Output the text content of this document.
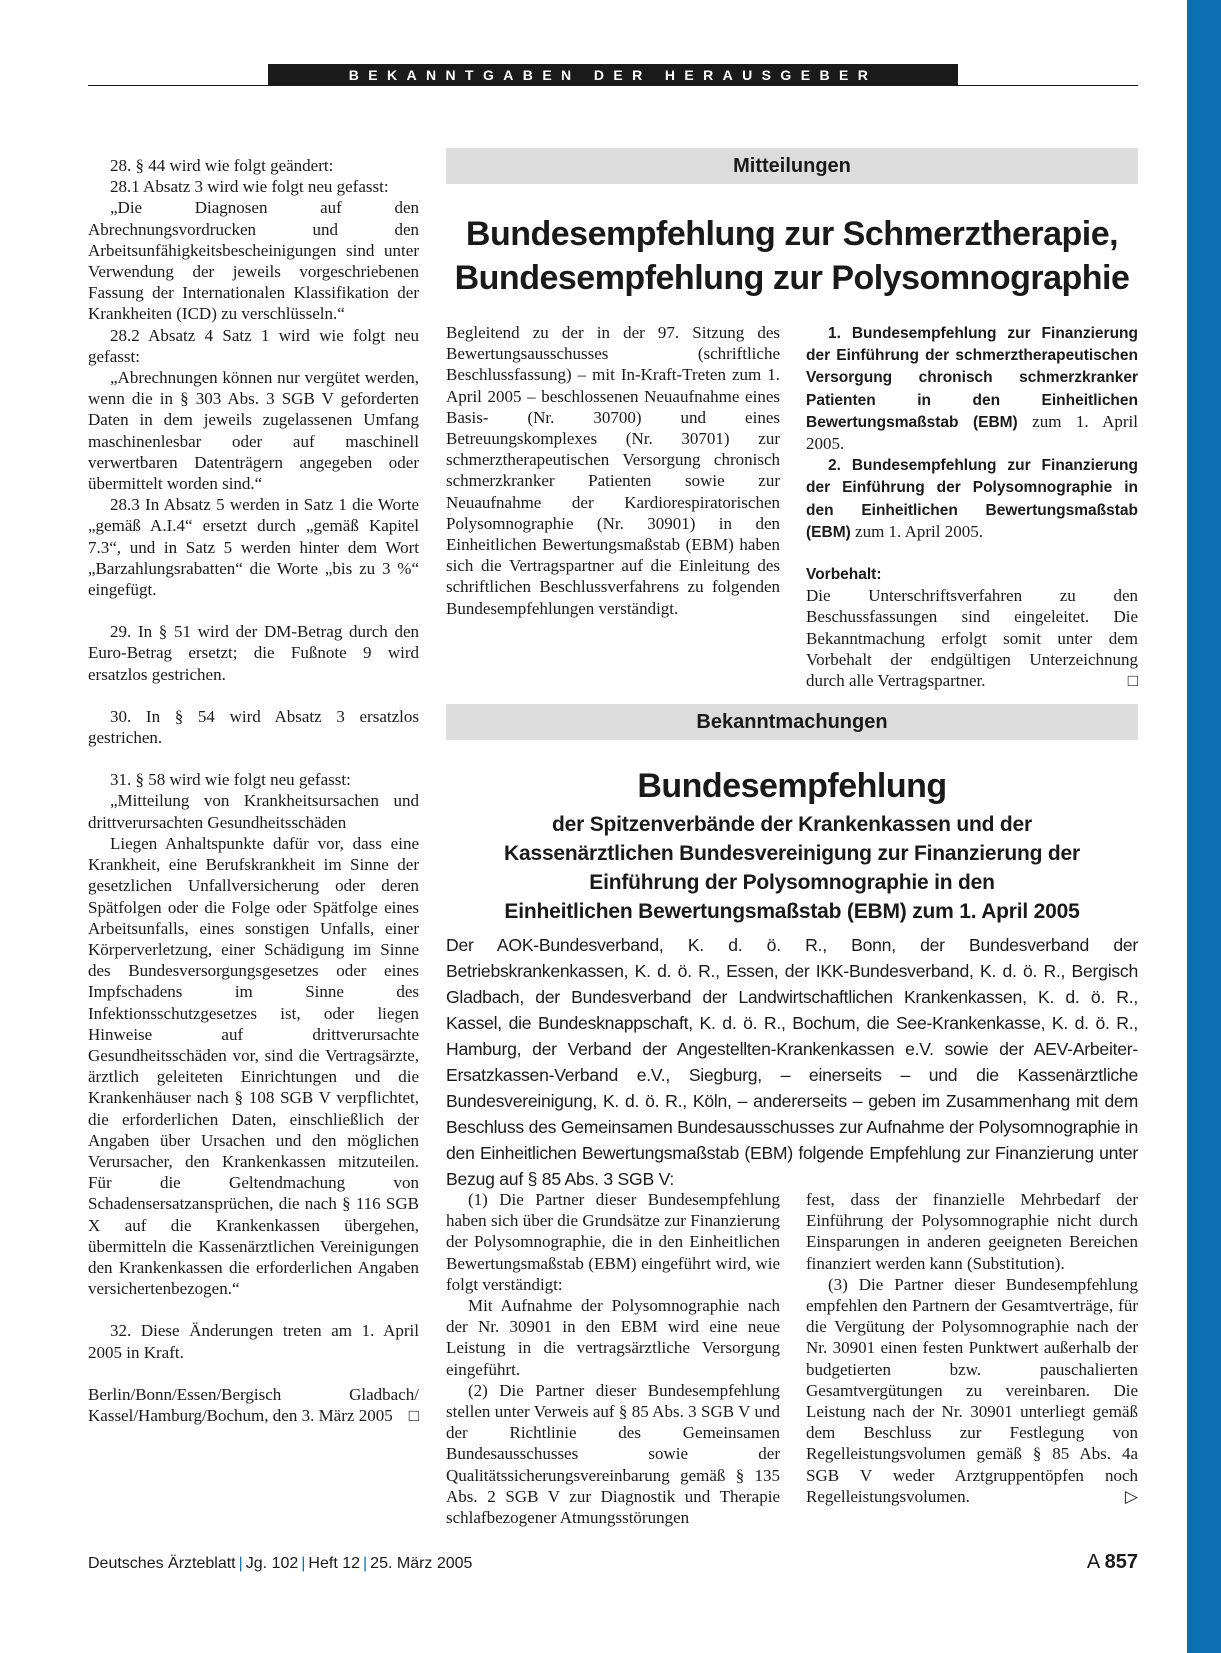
BEKANNTGABEN DER HERAUSGEBER

28. § 44 wird wie folgt geändert:

28.1 Absatz 3 wird wie folgt neu gefasst:

„Die Diagnosen auf den Abrechnungsvordrucken und den Arbeitsunfähigkeitsbescheinigungen sind unter Verwendung der jeweils vorgeschriebenen Fassung der Internationalen Klassifikation der Krankheiten (ICD) zu verschlüsseln.“

28.2 Absatz 4 Satz 1 wird wie folgt neu gefasst:

„Abrechnungen können nur vergütet werden, wenn die in § 303 Abs. 3 SGB V geforderten Daten in dem jeweils zugelassenen Umfang maschinenlesbar oder auf maschinell verwertbaren Datenträgern angegeben oder übermittelt worden sind.“

28.3 In Absatz 5 werden in Satz 1 die Worte „gemäß A.I.4“ ersetzt durch „gemäß Kapitel 7.3“, und in Satz 5 werden hinter dem Wort „Barzahlungsrabatten“ die Worte „bis zu 3 %“ eingefügt.

29. In § 51 wird der DM-Betrag durch den Euro-Betrag ersetzt; die Fußnote 9 wird ersatzlos gestrichen.

30. In § 54 wird Absatz 3 ersatzlos gestrichen.

31. § 58 wird wie folgt neu gefasst:

„Mitteilung von Krankheitsursachen und drittverursachten Gesundheitsschäden

Liegen Anhaltspunkte dafür vor, dass eine Krankheit, eine Berufskrankheit im Sinne der gesetzlichen Unfallversicherung oder deren Spätfolgen oder die Folge oder Spätfolge eines Arbeitsunfalls, eines sonstigen Unfalls, einer Körperverletzung, einer Schädigung im Sinne des Bundesversorgungsgesetzes oder eines Impfschadens im Sinne des Infektionsschutzgesetzes ist, oder liegen Hinweise auf drittverursachte Gesundheitsschäden vor, sind die Vertragsärzte, ärztlich geleiteten Einrichtungen und die Krankenhäuser nach § 108 SGB V verpflichtet, die erforderlichen Daten, einschließlich der Angaben über Ursachen und den möglichen Verursacher, den Krankenkassen mitzuteilen. Für die Geltendmachung von Schadensersatzansprüchen, die nach § 116 SGB X auf die Krankenkassen übergehen, übermitteln die Kassenärztlichen Vereinigungen den Krankenkassen die erforderlichen Angaben versichertenbezogen.“

32. Diese Änderungen treten am 1. April 2005 in Kraft.

Berlin/Bonn/Essen/Bergisch Gladbach/ Kassel/Hamburg/Bochum, den 3. März 2005 □

Mitteilungen
Bundesempfehlung zur Schmerztherapie,
Bundesempfehlung zur Polysomnographie

Begleitend zu der in der 97. Sitzung des Bewertungsausschusses (schriftliche Beschlussfassung) – mit In-Kraft-Treten zum 1. April 2005 – beschlossenen Neuaufnahme eines Basis- (Nr. 30700) und eines Betreuungskomplexes (Nr. 30701) zur schmerztherapeutischen Versorgung chronisch schmerzkranker Patienten sowie zur Neuaufnahme der Kardiorespiratorischen Polysomnographie (Nr. 30901) in den Einheitlichen Bewertungsmaßstab (EBM) haben sich die Vertragspartner auf die Einleitung des schriftlichen Beschlussverfahrens zu folgenden Bundesempfehlungen verständigt.

1. Bundesempfehlung zur Finanzierung der Einführung der schmerztherapeutischen Versorgung chronisch schmerzkranker Patienten in den Einheitlichen Bewertungsmaßstab (EBM) zum 1. April 2005.

2. Bundesempfehlung zur Finanzierung der Einführung der Polysomnographie in den Einheitlichen Bewertungsmaßstab (EBM) zum 1. April 2005.

Vorbehalt:

Die Unterschriftsverfahren zu den Beschussfassungen sind eingeleitet. Die Bekanntmachung erfolgt somit unter dem Vorbehalt der endgültigen Unterzeichnung durch alle Vertragspartner.	□

Bekanntmachungen
Bundesempfehlung
der Spitzenverbände der Krankenkassen und der
Kassenärztlichen Bundesvereinigung zur Finanzierung der
Einführung der Polysomnographie in den
Einheitlichen Bewertungsmaßstab (EBM) zum 1. April 2005
Der AOK-Bundesverband, K. d. ö. R., Bonn, der Bundesverband der Betriebskrankenkassen, K. d. ö. R., Essen, der IKK-Bundesverband, K. d. ö. R., Bergisch Gladbach, der Bundesverband der Landwirtschaftlichen Krankenkassen, K. d. ö. R., Kassel, die Bundesknappschaft, K. d. ö. R., Bochum, die See-Krankenkasse, K. d. ö. R., Hamburg, der Verband der Angestellten-Krankenkassen e.V. sowie der AEV-Arbeiter-Ersatzkassen-Verband e.V., Siegburg, – einerseits – und die Kassenärztliche Bundesvereinigung, K. d. ö. R., Köln, – andererseits – geben im Zusammenhang mit dem Beschluss des Gemeinsamen Bundesausschusses zur Aufnahme der Polysomnographie in den Einheitlichen Bewertungsmaßstab (EBM) folgende Empfehlung zur Finanzierung unter Bezug auf § 85 Abs. 3 SGB V:

(1) Die Partner dieser Bundesempfehlung haben sich über die Grundsätze zur Finanzierung der Polysomnographie, die in den Einheitlichen Bewertungsmaßstab (EBM) eingeführt wird, wie folgt verständigt:

Mit Aufnahme der Polysomnographie nach der Nr. 30901 in den EBM wird eine neue Leistung in die vertragsärztliche Versorgung eingeführt.

(2) Die Partner dieser Bundesempfehlung stellen unter Verweis auf § 85 Abs. 3 SGB V und der Richtlinie des Gemeinsamen Bundesausschusses sowie der Qualitätssicherungsvereinbarung gemäß § 135 Abs. 2 SGB V zur Diagnostik und Therapie schlafbezogener Atmungsstörungen

fest, dass der finanzielle Mehrbedarf der Einführung der Polysomnographie nicht durch Einsparungen in anderen geeigneten Bereichen finanziert werden kann (Substitution).

(3) Die Partner dieser Bundesempfehlung empfehlen den Partnern der Gesamtverträge, für die Vergütung der Polysomnographie nach der Nr. 30901 einen festen Punktwert außerhalb der budgetierten bzw. pauschalierten Gesamtvergütungen zu vereinbaren. Die Leistung nach der Nr. 30901 unterliegt gemäß dem Beschluss zur Festlegung von Regelleistungsvolumen gemäß § 85 Abs. 4a SGB V weder Arztgruppentöpfen noch Regelleistungsvolumen.	▷

Deutsches Ärzteblatt | Jg. 102 | Heft 12 | 25. März 2005	A 857
